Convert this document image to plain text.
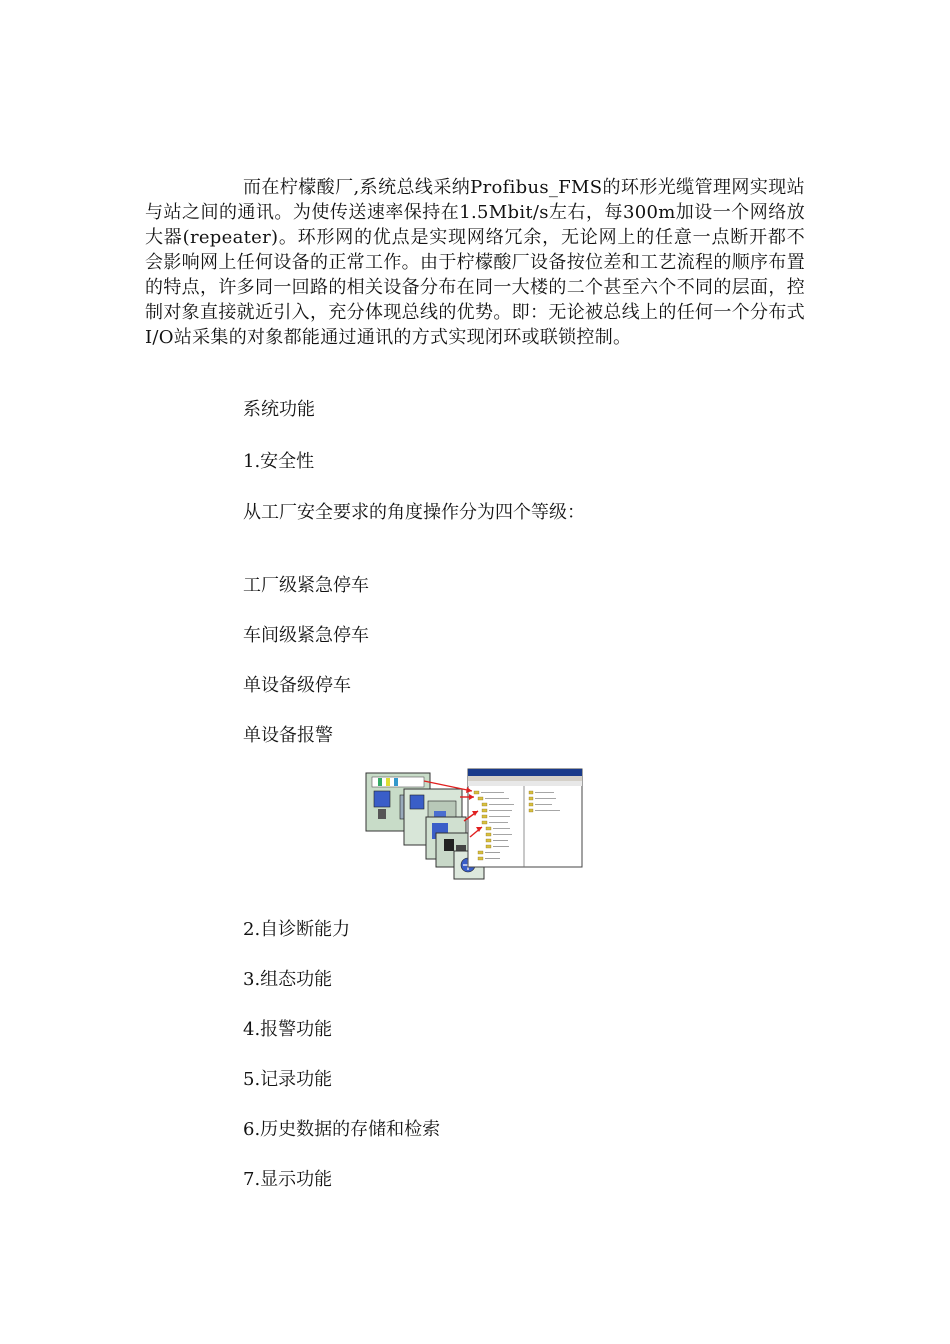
而在柠檬酸厂,系统总线采纳Profibus_FMS的环形光缆管理网实现站与站之间的通讯。为使传送速率保持在1.5Mbit/s左右，每300m加设一个网络放大器(repeater)。环形网的优点是实现网络冗余，无论网上的任意一点断开都不会影响网上任何设备的正常工作。由于柠檬酸厂设备按位差和工艺流程的顺序布置的特点，许多同一回路的相关设备分布在同一大楼的二个甚至六个不同的层面，控制对象直接就近引入，充分体现总线的优势。即：无论被总线上的任何一个分布式I/O站采集的对象都能通过通讯的方式实现闭环或联锁控制。

系统功能

1.安全性

从工厂安全要求的角度操作分为四个等级：

工厂级紧急停车

车间级紧急停车

单设备级停车

单设备报警

2.自诊断能力

3.组态功能

4.报警功能

5.记录功能

6.历史数据的存储和检索

7.显示功能
